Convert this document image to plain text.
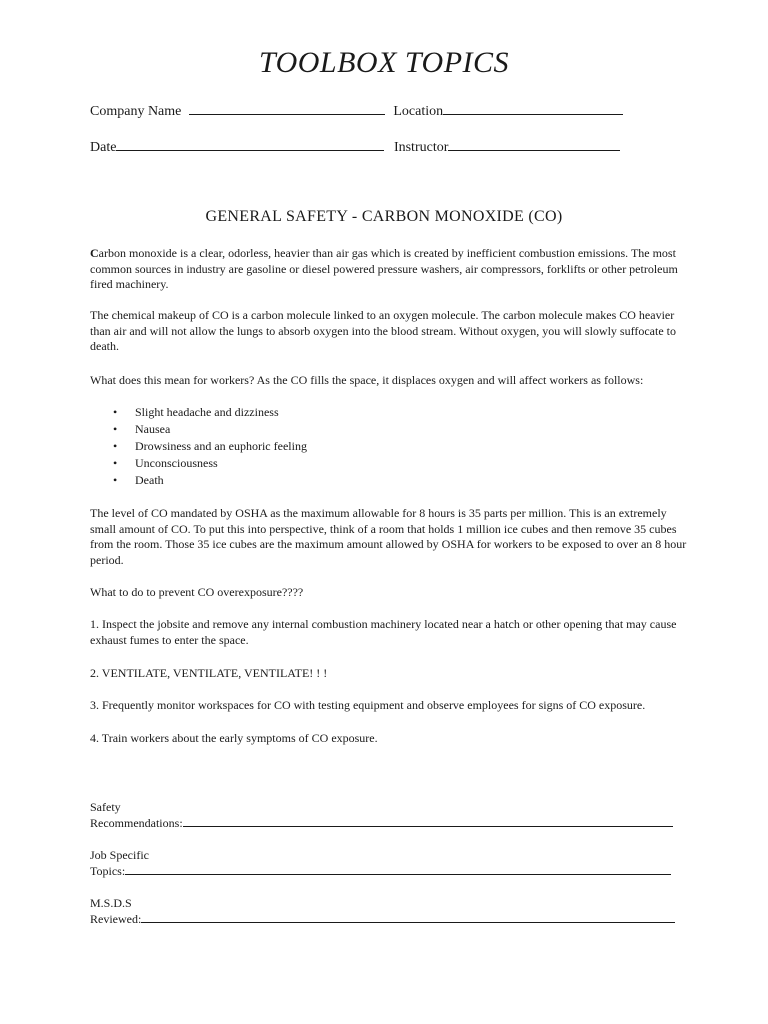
TOOLBOX TOPICS
Company Name	Location
Date	Instructor
GENERAL SAFETY - CARBON MONOXIDE (CO)
Carbon monoxide is a clear, odorless, heavier than air gas which is created by inefficient combustion emissions. The most common sources in industry are gasoline or diesel powered pressure washers, air compressors, forklifts or other petroleum fired machinery.
The chemical makeup of CO is a carbon molecule linked to an oxygen molecule. The carbon molecule makes CO heavier than air and will not allow the lungs to absorb oxygen into the blood stream. Without oxygen, you will slowly suffocate to death.
What does this mean for workers? As the CO fills the space, it displaces oxygen and will affect workers as follows:
• Slight headache and dizziness
• Nausea
• Drowsiness and an euphoric feeling
• Unconsciousness
• Death
The level of CO mandated by OSHA as the maximum allowable for 8 hours is 35 parts per million. This is an extremely small amount of CO. To put this into perspective, think of a room that holds 1 million ice cubes and then remove 35 cubes from the room. Those 35 ice cubes are the maximum amount allowed by OSHA for workers to be exposed to over an 8 hour period.
What to do to prevent CO overexposure????
1. Inspect the jobsite and remove any internal combustion machinery located near a hatch or other opening that may cause exhaust fumes to enter the space.
2. VENTILATE, VENTILATE, VENTILATE! ! !
3. Frequently monitor workspaces for CO with testing equipment and observe employees for signs of CO exposure.
4. Train workers about the early symptoms of CO exposure.
Safety
Recommendations:
Job Specific
Topics:
M.S.D.S
Reviewed:
